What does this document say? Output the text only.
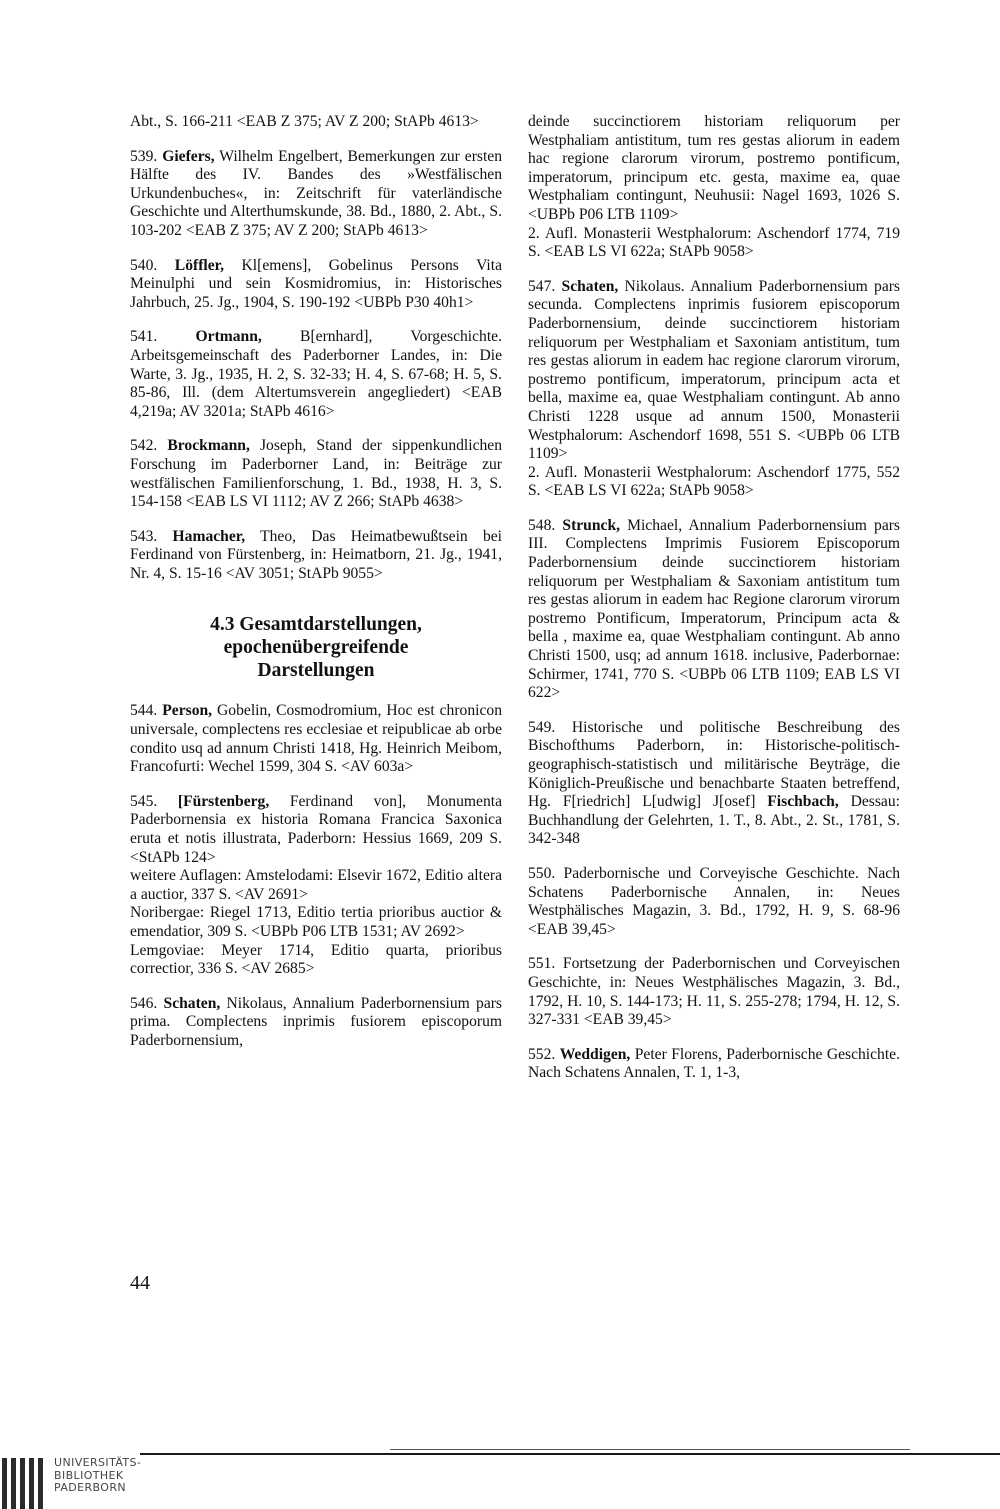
Abt., S. 166-211 <EAB Z 375; AV Z 200; StAPb 4613>
539. Giefers, Wilhelm Engelbert, Bemerkungen zur ersten Hälfte des IV. Bandes des »Westfälischen Urkundenbuches«, in: Zeitschrift für vaterländische Geschichte und Alterthumskunde, 38. Bd., 1880, 2. Abt., S. 103-202 <EAB Z 375; AV Z 200; StAPb 4613>
540. Löffler, Kl[emens], Gobelinus Persons Vita Meinulphi und sein Kosmidromius, in: Historisches Jahrbuch, 25. Jg., 1904, S. 190-192 <UBPb P30 40h1>
541. Ortmann, B[ernhard], Vorgeschichte. Arbeitsgemeinschaft des Paderborner Landes, in: Die Warte, 3. Jg., 1935, H. 2, S. 32-33; H. 4, S. 67-68; H. 5, S. 85-86, Ill. (dem Altertumsverein angegliedert) <EAB 4,219a; AV 3201a; StAPb 4616>
542. Brockmann, Joseph, Stand der sippenkundlichen Forschung im Paderborner Land, in: Beiträge zur westfälischen Familienforschung, 1. Bd., 1938, H. 3, S. 154-158 <EAB LS VI 1112; AV Z 266; StAPb 4638>
543. Hamacher, Theo, Das Heimatbewußtsein bei Ferdinand von Fürstenberg, in: Heimatborn, 21. Jg., 1941, Nr. 4, S. 15-16 <AV 3051; StAPb 9055>
4.3 Gesamtdarstellungen,
epochenübergreifende
Darstellungen
544. Person, Gobelin, Cosmodromium, Hoc est chronicon universale, complectens res ecclesiae et reipublicae ab orbe condito usq ad annum Christi 1418, Hg. Heinrich Meibom, Francofurti: Wechel 1599, 304 S. <AV 603a>
545. [Fürstenberg, Ferdinand von], Monumenta Paderbornensia ex historia Romana Francica Saxonica eruta et notis illustrata, Paderborn: Hessius 1669, 209 S. <StAPb 124>
weitere Auflagen: Amstelodami: Elsevir 1672, Editio altera a auctior, 337 S. <AV 2691>
Noribergae: Riegel 1713, Editio tertia prioribus auctior & emendatior, 309 S. <UBPb P06 LTB 1531; AV 2692>
Lemgoviae: Meyer 1714, Editio quarta, prioribus correctior, 336 S. <AV 2685>
546. Schaten, Nikolaus, Annalium Paderbornensium pars prima. Complectens inprimis fusiorem episcoporum Paderbornensium,
deinde succinctiorem historiam reliquorum per Westphaliam antistitum, tum res gestas aliorum in eadem hac regione clarorum virorum, postremo pontificum, imperatorum, principum etc. gesta, maxime ea, quae Westphaliam contingunt, Neuhusii: Nagel 1693, 1026 S. <UBPb P06 LTB 1109>
2. Aufl. Monasterii Westphalorum: Aschendorf 1774, 719 S. <EAB LS VI 622a; StAPb 9058>
547. Schaten, Nikolaus. Annalium Paderbornensium pars secunda. Complectens inprimis fusiorem episcoporum Paderbornensium, deinde succinctiorem historiam reliquorum per Westphaliam et Saxoniam antistitum, tum res gestas aliorum in eadem hac regione clarorum virorum, postremo pontificum, imperatorum, principum acta et bella, maxime ea, quae Westphaliam contingunt. Ab anno Christi 1228 usque ad annum 1500, Monasterii Westphalorum: Aschendorf 1698, 551 S. <UBPb 06 LTB 1109>
2. Aufl. Monasterii Westphalorum: Aschendorf 1775, 552 S. <EAB LS VI 622a; StAPb 9058>
548. Strunck, Michael, Annalium Paderbornensium pars III. Complectens Imprimis Fusiorem Episcoporum Paderbornensium deinde succinctiorem historiam reliquorum per Westphaliam & Saxoniam antistitum tum res gestas aliorum in eadem hac Regione clarorum virorum postremo Pontificum, Imperatorum, Principum acta & bella , maxime ea, quae Westphaliam contingunt. Ab anno Christi 1500, usq; ad annum 1618. inclusive, Paderbornae: Schirmer, 1741, 770 S. <UBPb 06 LTB 1109; EAB LS VI 622>
549. Historische und politische Beschreibung des Bischofthums Paderborn, in: Historische-politisch-geographisch-statistisch und militärische Beyträge, die Königlich-Preußische und benachbarte Staaten betreffend, Hg. F[riedrich] L[udwig] J[osef] Fischbach, Dessau: Buchhandlung der Gelehrten, 1. T., 8. Abt., 2. St., 1781, S. 342-348
550. Paderbornische und Corveyische Geschichte. Nach Schatens Paderbornische Annalen, in: Neues Westphälisches Magazin, 3. Bd., 1792, H. 9, S. 68-96 <EAB 39,45>
551. Fortsetzung der Paderbornischen und Corveyischen Geschichte, in: Neues Westphälisches Magazin, 3. Bd., 1792, H. 10, S. 144-173; H. 11, S. 255-278; 1794, H. 12, S. 327-331 <EAB 39,45>
552. Weddigen, Peter Florens, Paderbornische Geschichte. Nach Schatens Annalen, T. 1, 1-3,
44
UNIVERSITÄTS-
BIBLIOTHEK
PADERBORN
